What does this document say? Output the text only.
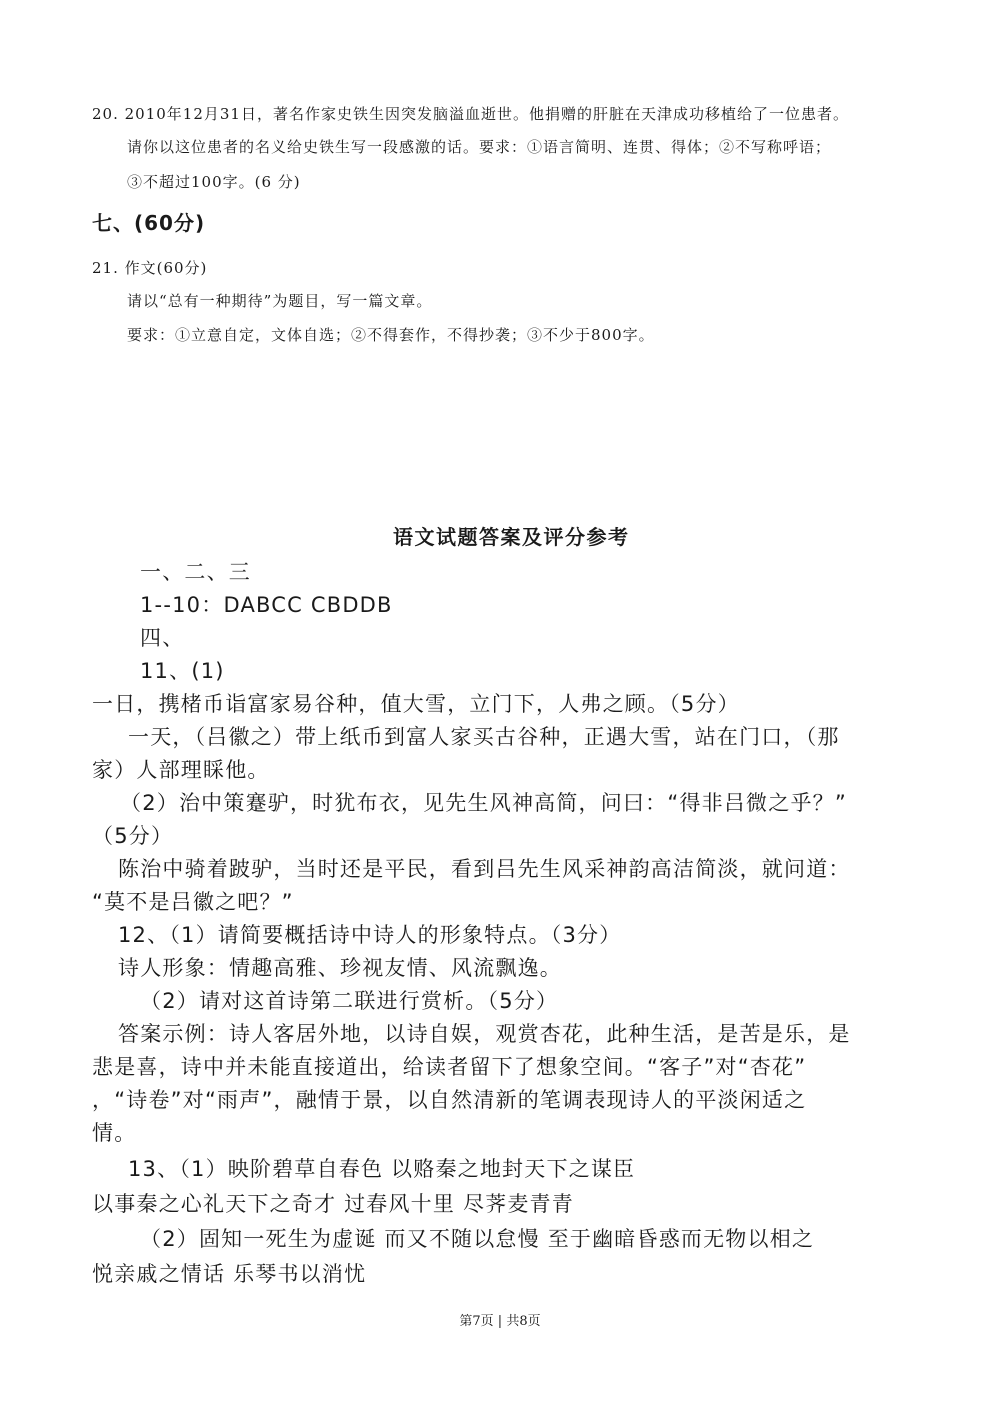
20. 2010年12月31日，著名作家史铁生因突发脑溢血逝世。他捐赠的肝脏在天津成功移植给了一位患者。

请你以这位患者的名义给史铁生写一段感激的话。要求：①语言简明、连贯、得体；②不写称呼语；

③不超过100字。(6 分)

七、(60分)

21. 作文(60分)

请以“总有一种期待”为题目，写一篇文章。

要求：①立意自定，文体自选；②不得套作，不得抄袭；③不少于800字。

语文试题答案及评分参考

一、二、三

1--10：DABCC CBDDB

四、

11、(1)

一日，携楮币诣富家易谷种，值大雪，立门下，人弗之顾。（5分）

一天，（吕徽之）带上纸币到富人家买古谷种，正遇大雪，站在门口，（那

家）人部理睬他。

（2）治中策蹇驴，时犹布衣，见先生风神高简，问曰：“得非吕微之乎？”

（5分）

陈治中骑着跛驴，当时还是平民，看到吕先生风采神韵高洁简淡，就问道：

“莫不是吕徽之吧？”

12、（1）请简要概括诗中诗人的形象特点。（3分）

诗人形象：情趣高雅、珍视友情、风流飘逸。

（2）请对这首诗第二联进行赏析。（5分）

答案示例：诗人客居外地，以诗自娱，观赏杏花，此种生活，是苦是乐，是

悲是喜，诗中并未能直接道出，给读者留下了想象空间。“客子”对“杏花”

，“诗卷”对“雨声”，融情于景，以自然清新的笔调表现诗人的平淡闲适之

情。

13、（1）映阶碧草自春色 以赂秦之地封天下之谋臣

以事秦之心礼天下之奇才 过春风十里 尽荠麦青青

（2）固知一死生为虚诞 而又不随以怠慢 至于幽暗昏惑而无物以相之

悦亲戚之情话 乐琴书以消忧

第7页 | 共8页
